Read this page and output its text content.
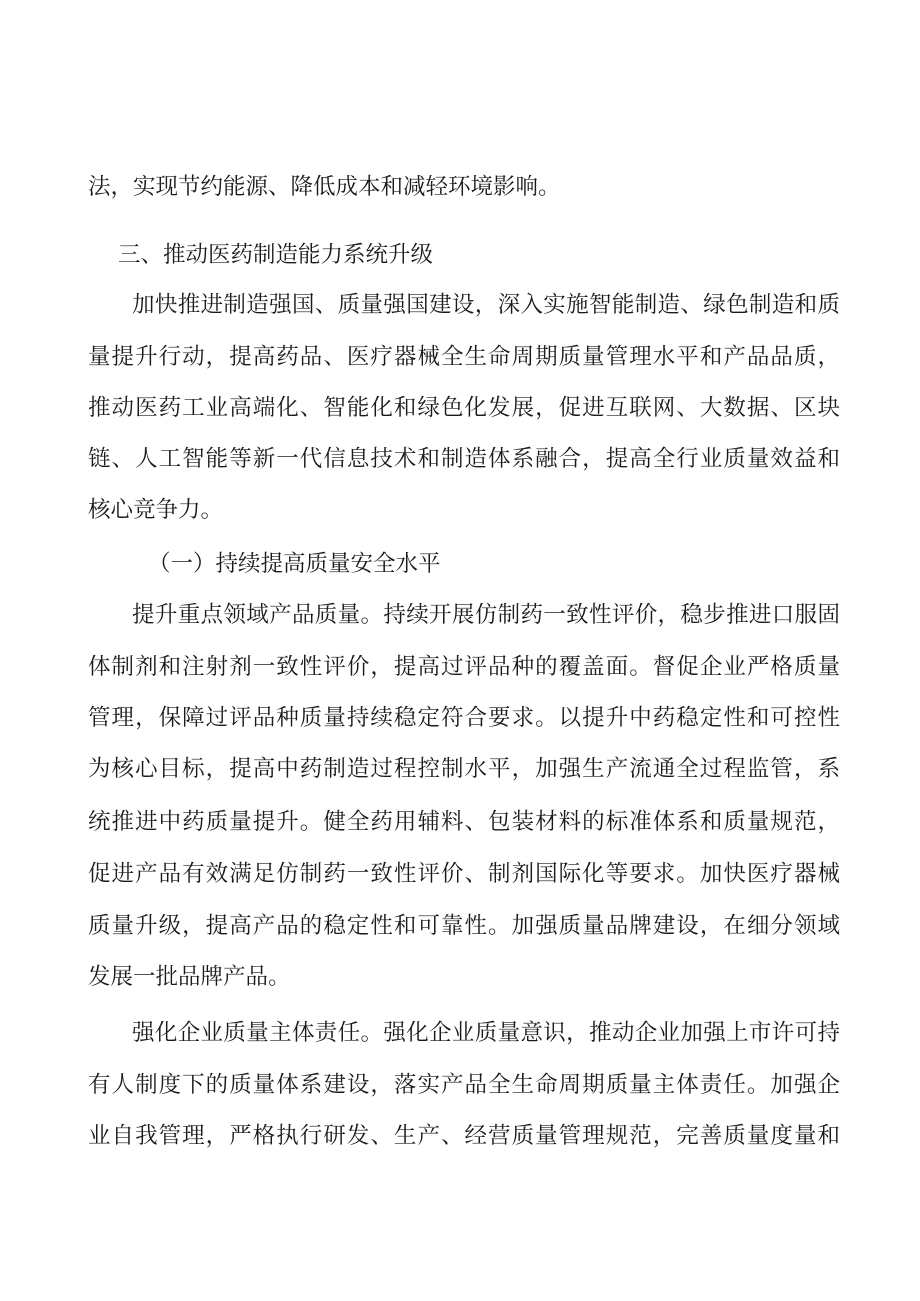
法，实现节约能源、降低成本和减轻环境影响。
三、推动医药制造能力系统升级
加快推进制造强国、质量强国建设，深入实施智能制造、绿色制造和质
量提升行动，提高药品、医疗器械全生命周期质量管理水平和产品品质，
推动医药工业高端化、智能化和绿色化发展，促进互联网、大数据、区块
链、人工智能等新一代信息技术和制造体系融合，提高全行业质量效益和
核心竞争力。
（一）持续提高质量安全水平
提升重点领域产品质量。持续开展仿制药一致性评价，稳步推进口服固
体制剂和注射剂一致性评价，提高过评品种的覆盖面。督促企业严格质量
管理，保障过评品种质量持续稳定符合要求。以提升中药稳定性和可控性
为核心目标，提高中药制造过程控制水平，加强生产流通全过程监管，系
统推进中药质量提升。健全药用辅料、包装材料的标准体系和质量规范，
促进产品有效满足仿制药一致性评价、制剂国际化等要求。加快医疗器械
质量升级，提高产品的稳定性和可靠性。加强质量品牌建设，在细分领域
发展一批品牌产品。
强化企业质量主体责任。强化企业质量意识，推动企业加强上市许可持
有人制度下的质量体系建设，落实产品全生命周期质量主体责任。加强企
业自我管理，严格执行研发、生产、经营质量管理规范，完善质量度量和
